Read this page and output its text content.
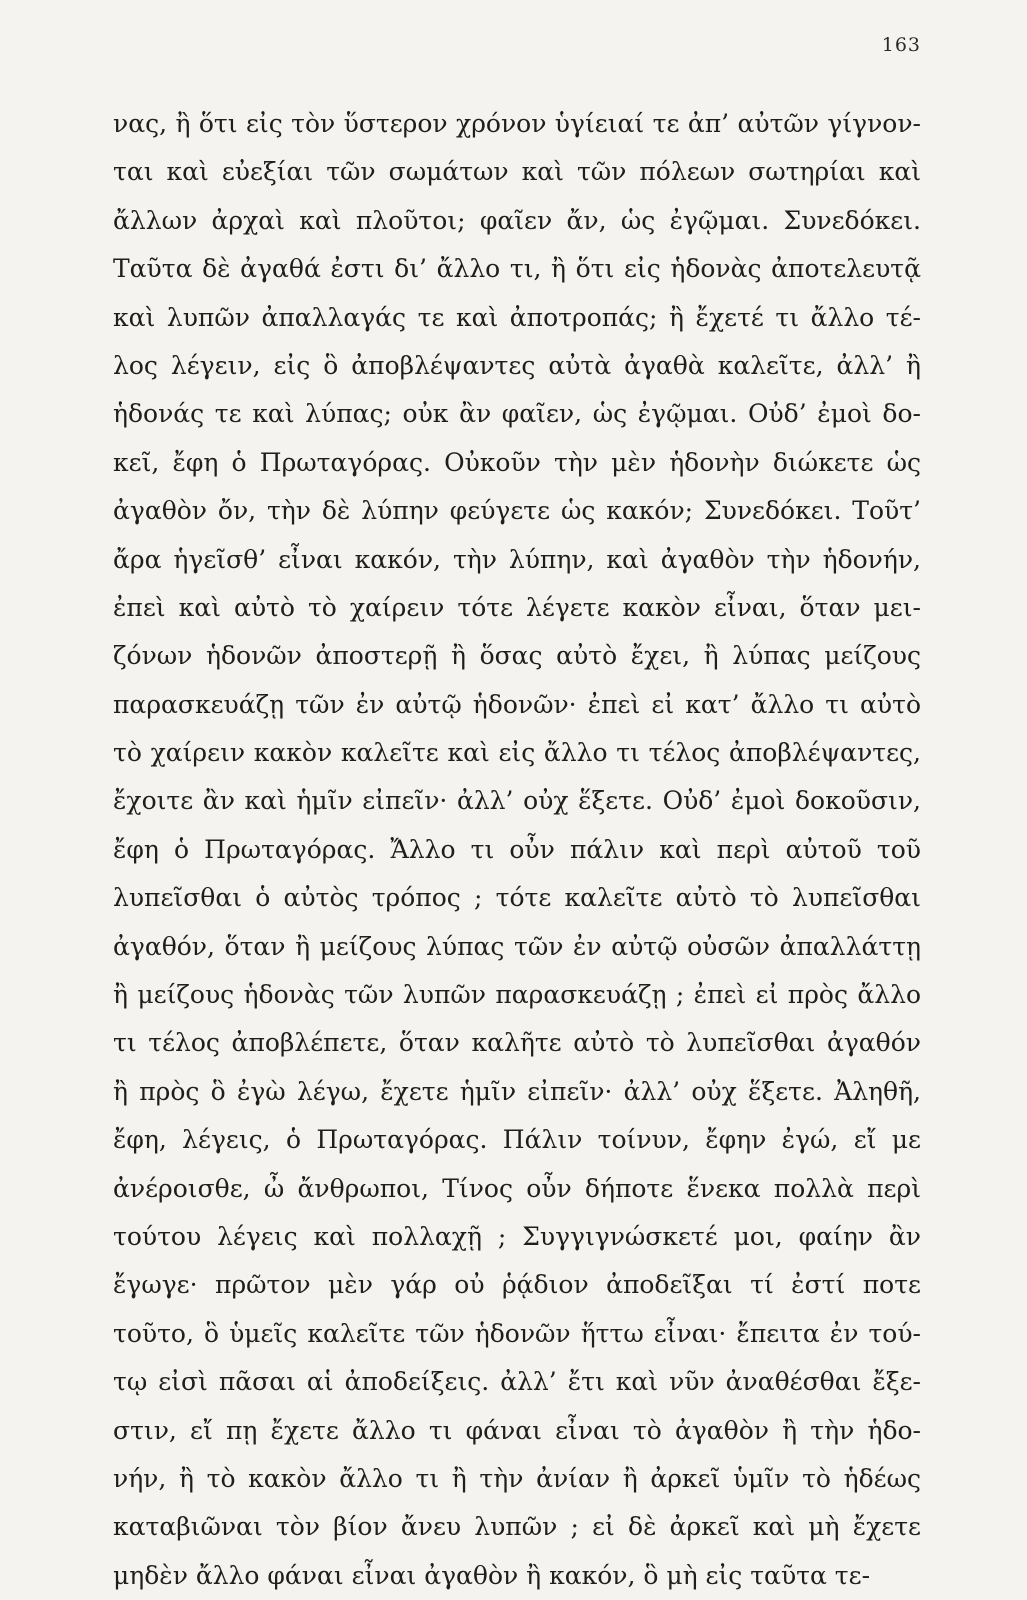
163
νας, ἢ ὅτι εἰς τὸν ὕστερον χρόνον ὑγίειαί τε ἀπ’ αὐτῶν γίγνον-
ται καὶ εὐεξίαι τῶν σωμάτων καὶ τῶν πόλεων σωτηρίαι καὶ
ἄλλων ἀρχαὶ καὶ πλοῦτοι; φαῖεν ἄν, ὡς ἐγῷμαι. Συνεδόκει.
Ταῦτα δὲ ἀγαθά ἐστι δι’ ἄλλο τι, ἢ ὅτι εἰς ἡδονὰς ἀποτελευτᾷ
καὶ λυπῶν ἀπαλλαγάς τε καὶ ἀποτροπάς; ἢ ἔχετέ τι ἄλλο τέ-
λος λέγειν, εἰς ὃ ἀποβλέψαντες αὐτὰ ἀγαθὰ καλεῖτε, ἀλλ’ ἢ
ἡδονάς τε καὶ λύπας; οὐκ ἂν φαῖεν, ὡς ἐγῷμαι. Οὐδ’ ἐμοὶ δο-
κεῖ, ἔφη ὁ Πρωταγόρας. Οὐκοῦν τὴν μὲν ἡδονὴν διώκετε ὡς
ἀγαθὸν ὄν, τὴν δὲ λύπην φεύγετε ὡς κακόν; Συνεδόκει. Τοῦτ’
ἄρα ἡγεῖσθ’ εἶναι κακόν, τὴν λύπην, καὶ ἀγαθὸν τὴν ἡδονήν,
ἐπεὶ καὶ αὐτὸ τὸ χαίρειν τότε λέγετε κακὸν εἶναι, ὅταν μει-
ζόνων ἡδονῶν ἀποστερῇ ἢ ὅσας αὐτὸ ἔχει, ἢ λύπας μείζους
παρασκευάζῃ τῶν ἐν αὐτῷ ἡδονῶν· ἐπεὶ εἰ κατ’ ἄλλο τι αὐτὸ
τὸ χαίρειν κακὸν καλεῖτε καὶ εἰς ἄλλο τι τέλος ἀποβλέψαντες,
ἔχοιτε ἂν καὶ ἡμῖν εἰπεῖν· ἀλλ’ οὐχ ἕξετε. Οὐδ’ ἐμοὶ δοκοῦσιν,
ἔφη ὁ Πρωταγόρας. Ἄλλο τι οὖν πάλιν καὶ περὶ αὐτοῦ τοῦ
λυπεῖσθαι ὁ αὐτὸς τρόπος ; τότε καλεῖτε αὐτὸ τὸ λυπεῖσθαι
ἀγαθόν, ὅταν ἢ μείζους λύπας τῶν ἐν αὐτῷ οὐσῶν ἀπαλλάττῃ
ἢ μείζους ἡδονὰς τῶν λυπῶν παρασκευάζῃ ; ἐπεὶ εἰ πρὸς ἄλλο
τι τέλος ἀποβλέπετε, ὅταν καλῆτε αὐτὸ τὸ λυπεῖσθαι ἀγαθόν
ἢ πρὸς ὃ ἐγὼ λέγω, ἔχετε ἡμῖν εἰπεῖν· ἀλλ’ οὐχ ἕξετε. Ἀληθῆ,
ἔφη, λέγεις, ὁ Πρωταγόρας. Πάλιν τοίνυν, ἔφην ἐγώ, εἴ με
ἀνέροισθε, ὦ ἄνθρωποι, Τίνος οὖν δήποτε ἕνεκα πολλὰ περὶ
τούτου λέγεις καὶ πολλαχῇ ; Συγγιγνώσκετέ μοι, φαίην ἂν
ἔγωγε· πρῶτον μὲν γάρ οὐ ῥᾴδιον ἀποδεῖξαι τί ἐστί ποτε
τοῦτο, ὃ ὑμεῖς καλεῖτε τῶν ἡδονῶν ἥττω εἶναι· ἔπειτα ἐν τού-
τῳ εἰσὶ πᾶσαι αἱ ἀποδείξεις. ἀλλ’ ἔτι καὶ νῦν ἀναθέσθαι ἔξε-
στιν, εἴ πῃ ἔχετε ἄλλο τι φάναι εἶναι τὸ ἀγαθὸν ἢ τὴν ἡδο-
νήν, ἢ τὸ κακὸν ἄλλο τι ἢ τὴν ἀνίαν ἢ ἀρκεῖ ὑμῖν τὸ ἡδέως
καταβιῶναι τὸν βίον ἄνευ λυπῶν ; εἰ δὲ ἀρκεῖ καὶ μὴ ἔχετε
μηδὲν ἄλλο φάναι εἶναι ἀγαθὸν ἢ κακόν, ὃ μὴ εἰς ταῦτα τε-
